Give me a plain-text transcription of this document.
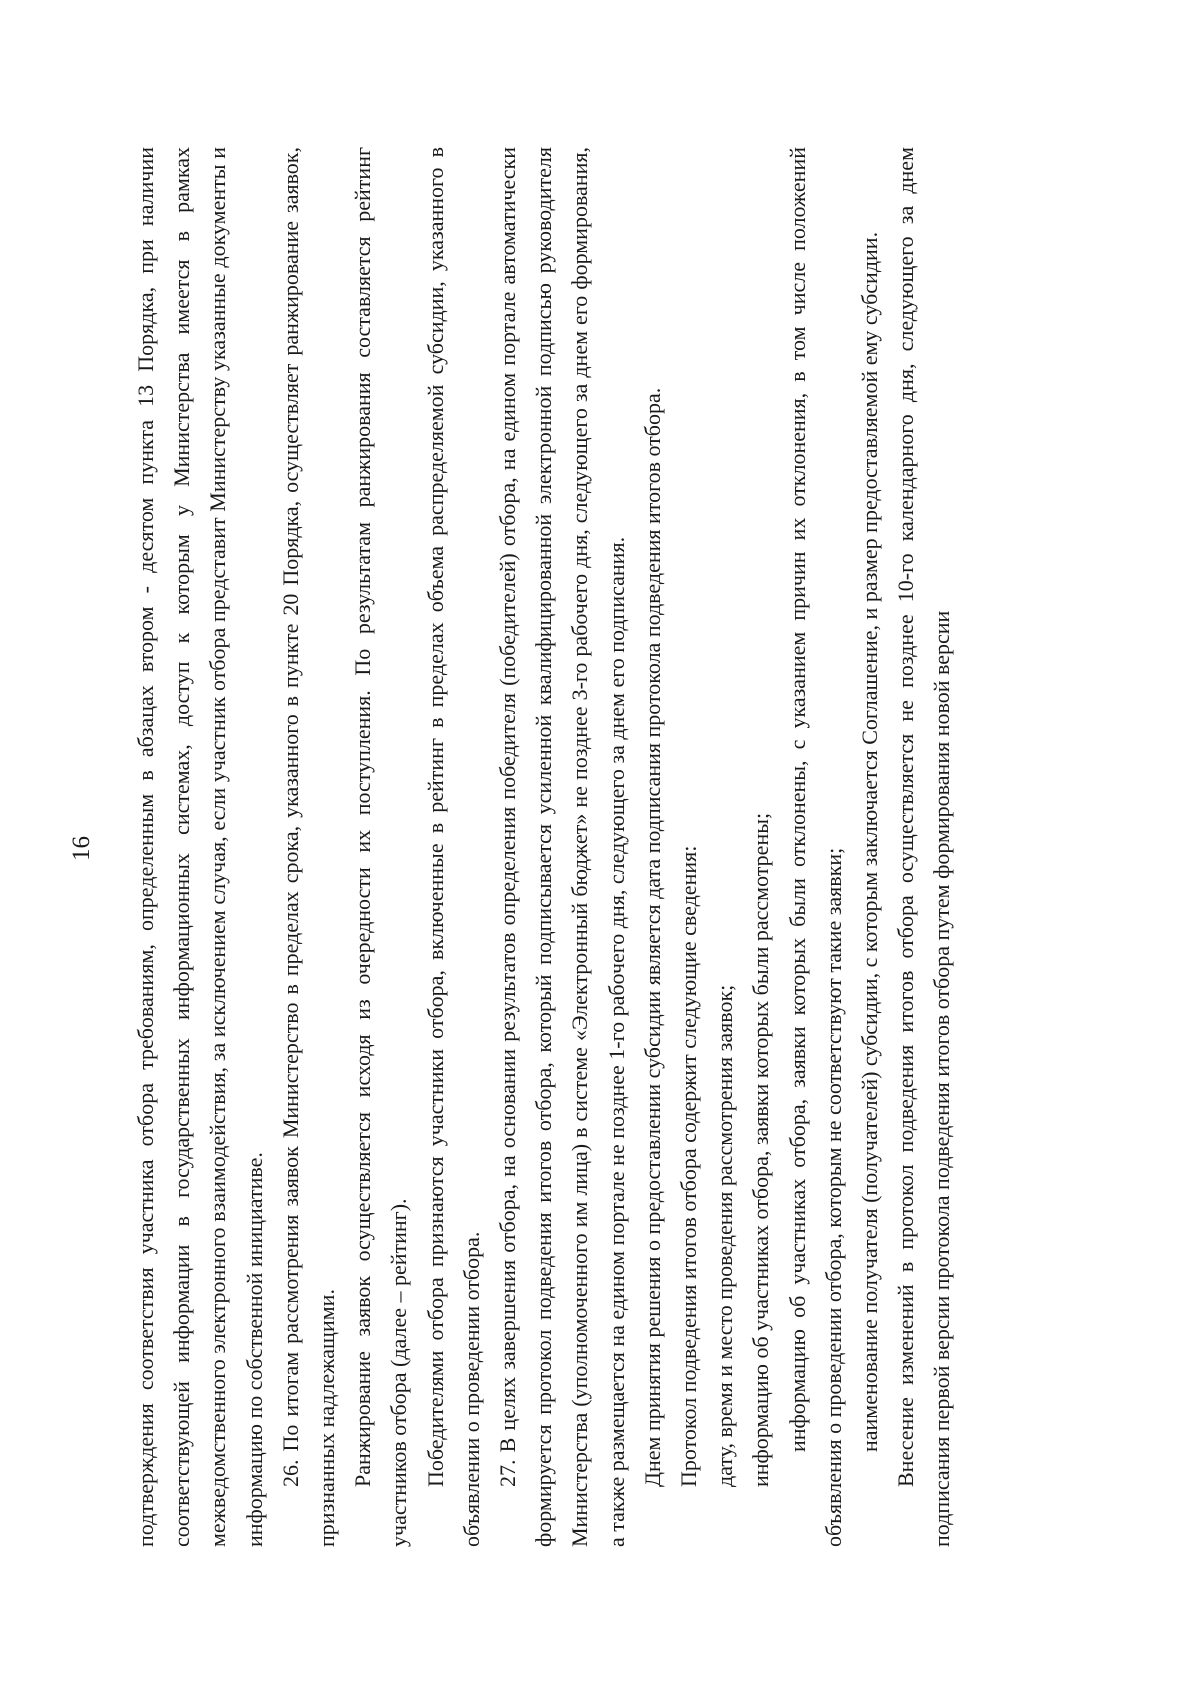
16 подтверждения соответствия участника отбора требованиям, определенным в абзацах втором - десятом пункта 13 Порядка, при наличии соответствующей информации в государственных информационных системах, доступ к которым у Министерства имеется в рамках межведомственного электронного взаимодействия, за исключением случая, если участник отбора представит Министерству указанные документы и информацию по собственной инициативе. 26. По итогам рассмотрения заявок Министерство в пределах срока, указанного в пункте 20 Порядка, осуществляет ранжирование заявок, признанных надлежащими. Ранжирование заявок осуществляется исходя из очередности их поступления. По результатам ранжирования составляется рейтинг участников отбора (далее – рейтинг). Победителями отбора признаются участники отбора, включенные в рейтинг в пределах объема распределяемой субсидии, указанного в объявлении о проведении отбора. 27. В целях завершения отбора, на основании результатов определения победителя (победителей) отбора, на едином портале автоматически формируется протокол подведения итогов отбора, который подписывается усиленной квалифицированной электронной подписью руководителя Министерства (уполномоченного им лица) в системе «Электронный бюджет» не позднее 3-го рабочего дня, следующего за днем его формирования, а также размещается на едином портале не позднее 1-го рабочего дня, следующего за днем его подписания. Днем принятия решения о предоставлении субсидии является дата подписания протокола подведения итогов отбора. Протокол подведения итогов отбора содержит следующие сведения: дату, время и место проведения рассмотрения заявок; информацию об участниках отбора, заявки которых были рассмотрены; информацию об участниках отбора, заявки которых были отклонены, с указанием причин их отклонения, в том числе положений объявления о проведении отбора, которым не соответствуют такие заявки; наименование получателя (получателей) субсидии, с которым заключается Соглашение, и размер предоставляемой ему субсидии. Внесение изменений в протокол подведения итогов отбора осуществляется не позднее 10-го календарного дня, следующего за днем подписания первой версии протокола подведения итогов отбора путем формирования новой версии
